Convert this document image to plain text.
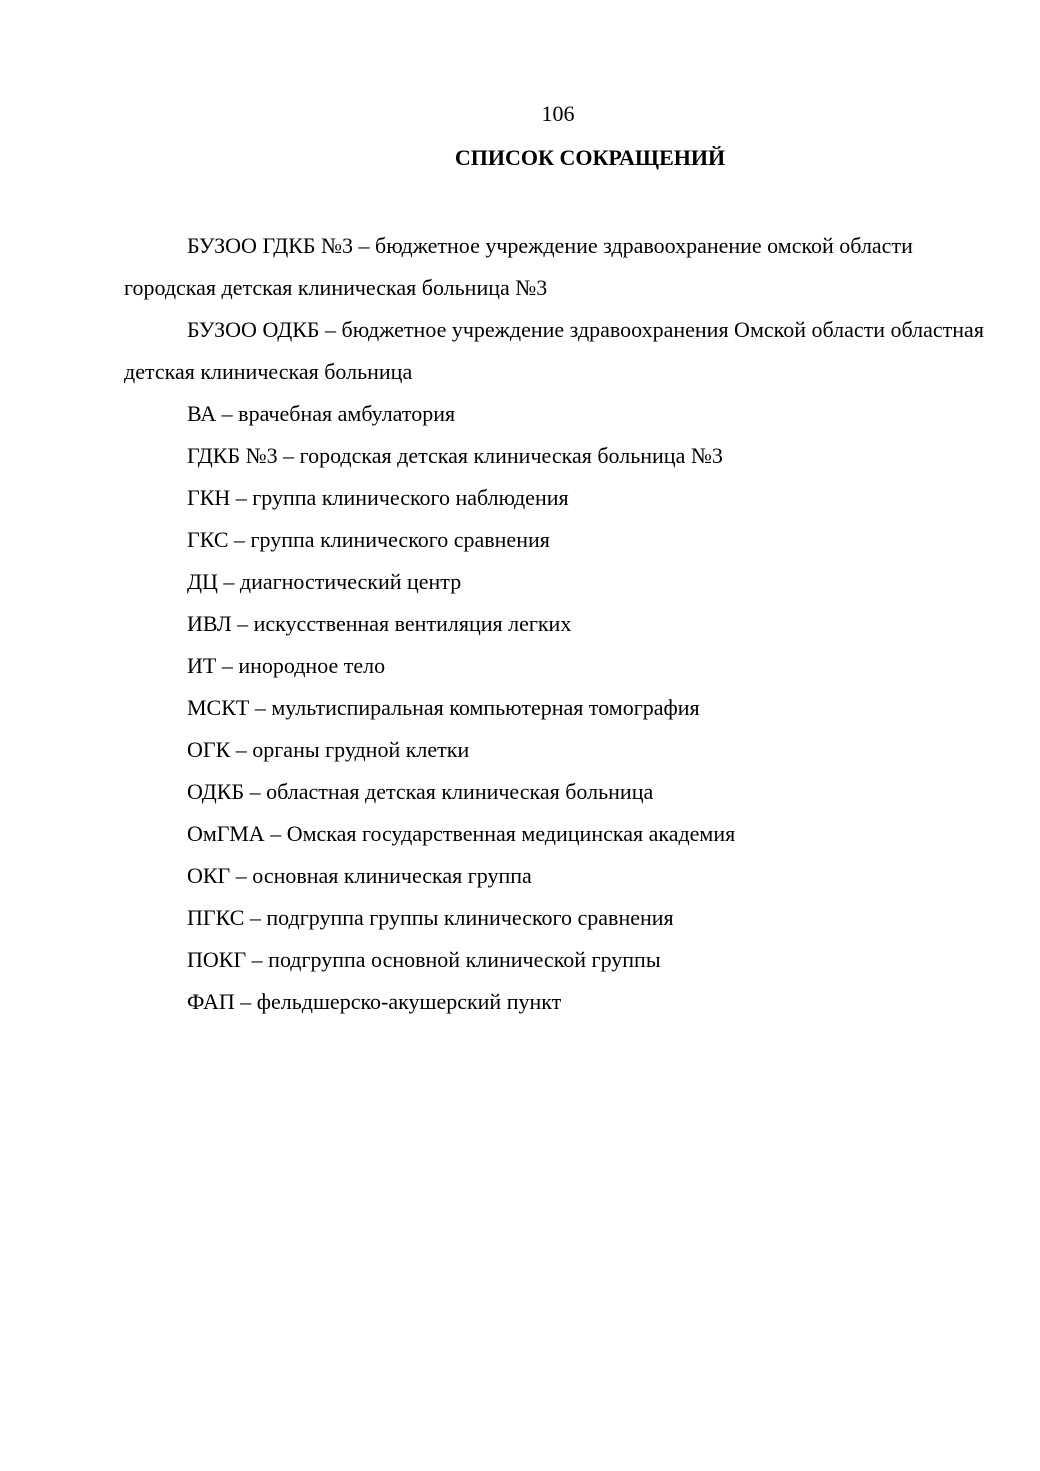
106
СПИСОК СОКРАЩЕНИЙ
БУЗОО ГДКБ №3 – бюджетное учреждение здравоохранение омской области городская детская клиническая больница №3
БУЗОО ОДКБ – бюджетное учреждение здравоохранения Омской области областная детская клиническая больница
ВА – врачебная амбулатория
ГДКБ №3 – городская детская клиническая больница №3
ГКН – группа клинического наблюдения
ГКС – группа клинического сравнения
ДЦ – диагностический центр
ИВЛ – искусственная вентиляция легких
ИТ – инородное тело
МСКТ – мультиспиральная компьютерная томография
ОГК – органы грудной клетки
ОДКБ – областная детская клиническая больница
ОмГМА – Омская государственная медицинская академия
ОКГ – основная клиническая группа
ПГКС – подгруппа группы клинического сравнения
ПОКГ – подгруппа основной клинической группы
ФАП – фельдшерско-акушерский пункт
